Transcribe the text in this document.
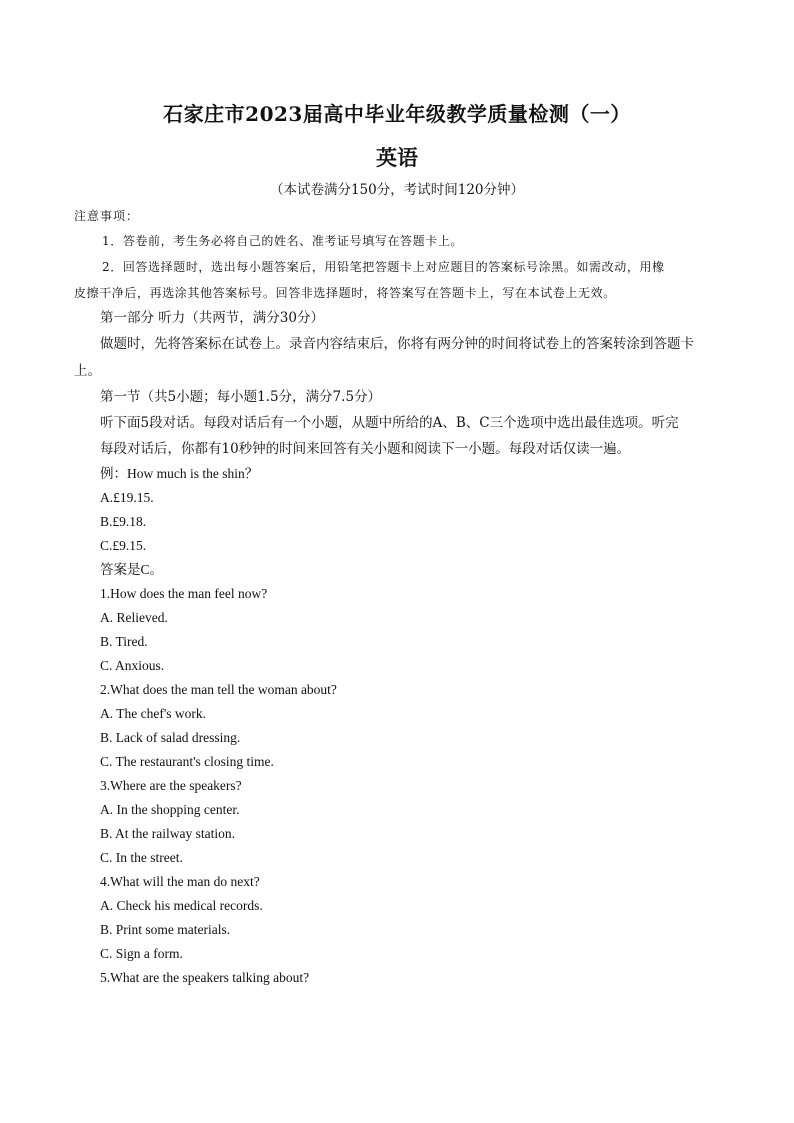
石家庄市2023届高中毕业年级教学质量检测（一）
英语
（本试卷满分150分，考试时间120分钟）
注意事项：
1．答卷前，考生务必将自己的姓名、准考证号填写在答题卡上。
2．回答选择题时，选出每小题答案后，用铅笔把答题卡上对应题目的答案标号涂黑。如需改动，用橡
皮擦干净后，再选涂其他答案标号。回答非选择题时，将答案写在答题卡上，写在本试卷上无效。
第一部分 听力（共两节，满分30分）
做题时，先将答案标在试卷上。录音内容结束后，你将有两分钟的时间将试卷上的答案转涂到答题卡
上。
第一节（共5小题；每小题1.5分，满分7.5分）
听下面5段对话。每段对话后有一个小题，从题中所给的A、B、C三个选项中选出最佳选项。听完
每段对话后，你都有10秒钟的时间来回答有关小题和阅读下一小题。每段对话仅读一遍。
例：How much is the shin？
A.£19.15.
B.£9.18.
C.£9.15.
答案是C。
1.How does the man feel now?
A. Relieved.
B. Tired.
C. Anxious.
2.What does the man tell the woman about?
A. The chef's work.
B. Lack of salad dressing.
C. The restaurant's closing time.
3.Where are the speakers?
A. In the shopping center.
B. At the railway station.
C. In the street.
4.What will the man do next?
A. Check his medical records.
B. Print some materials.
C. Sign a form.
5.What are the speakers talking about?
